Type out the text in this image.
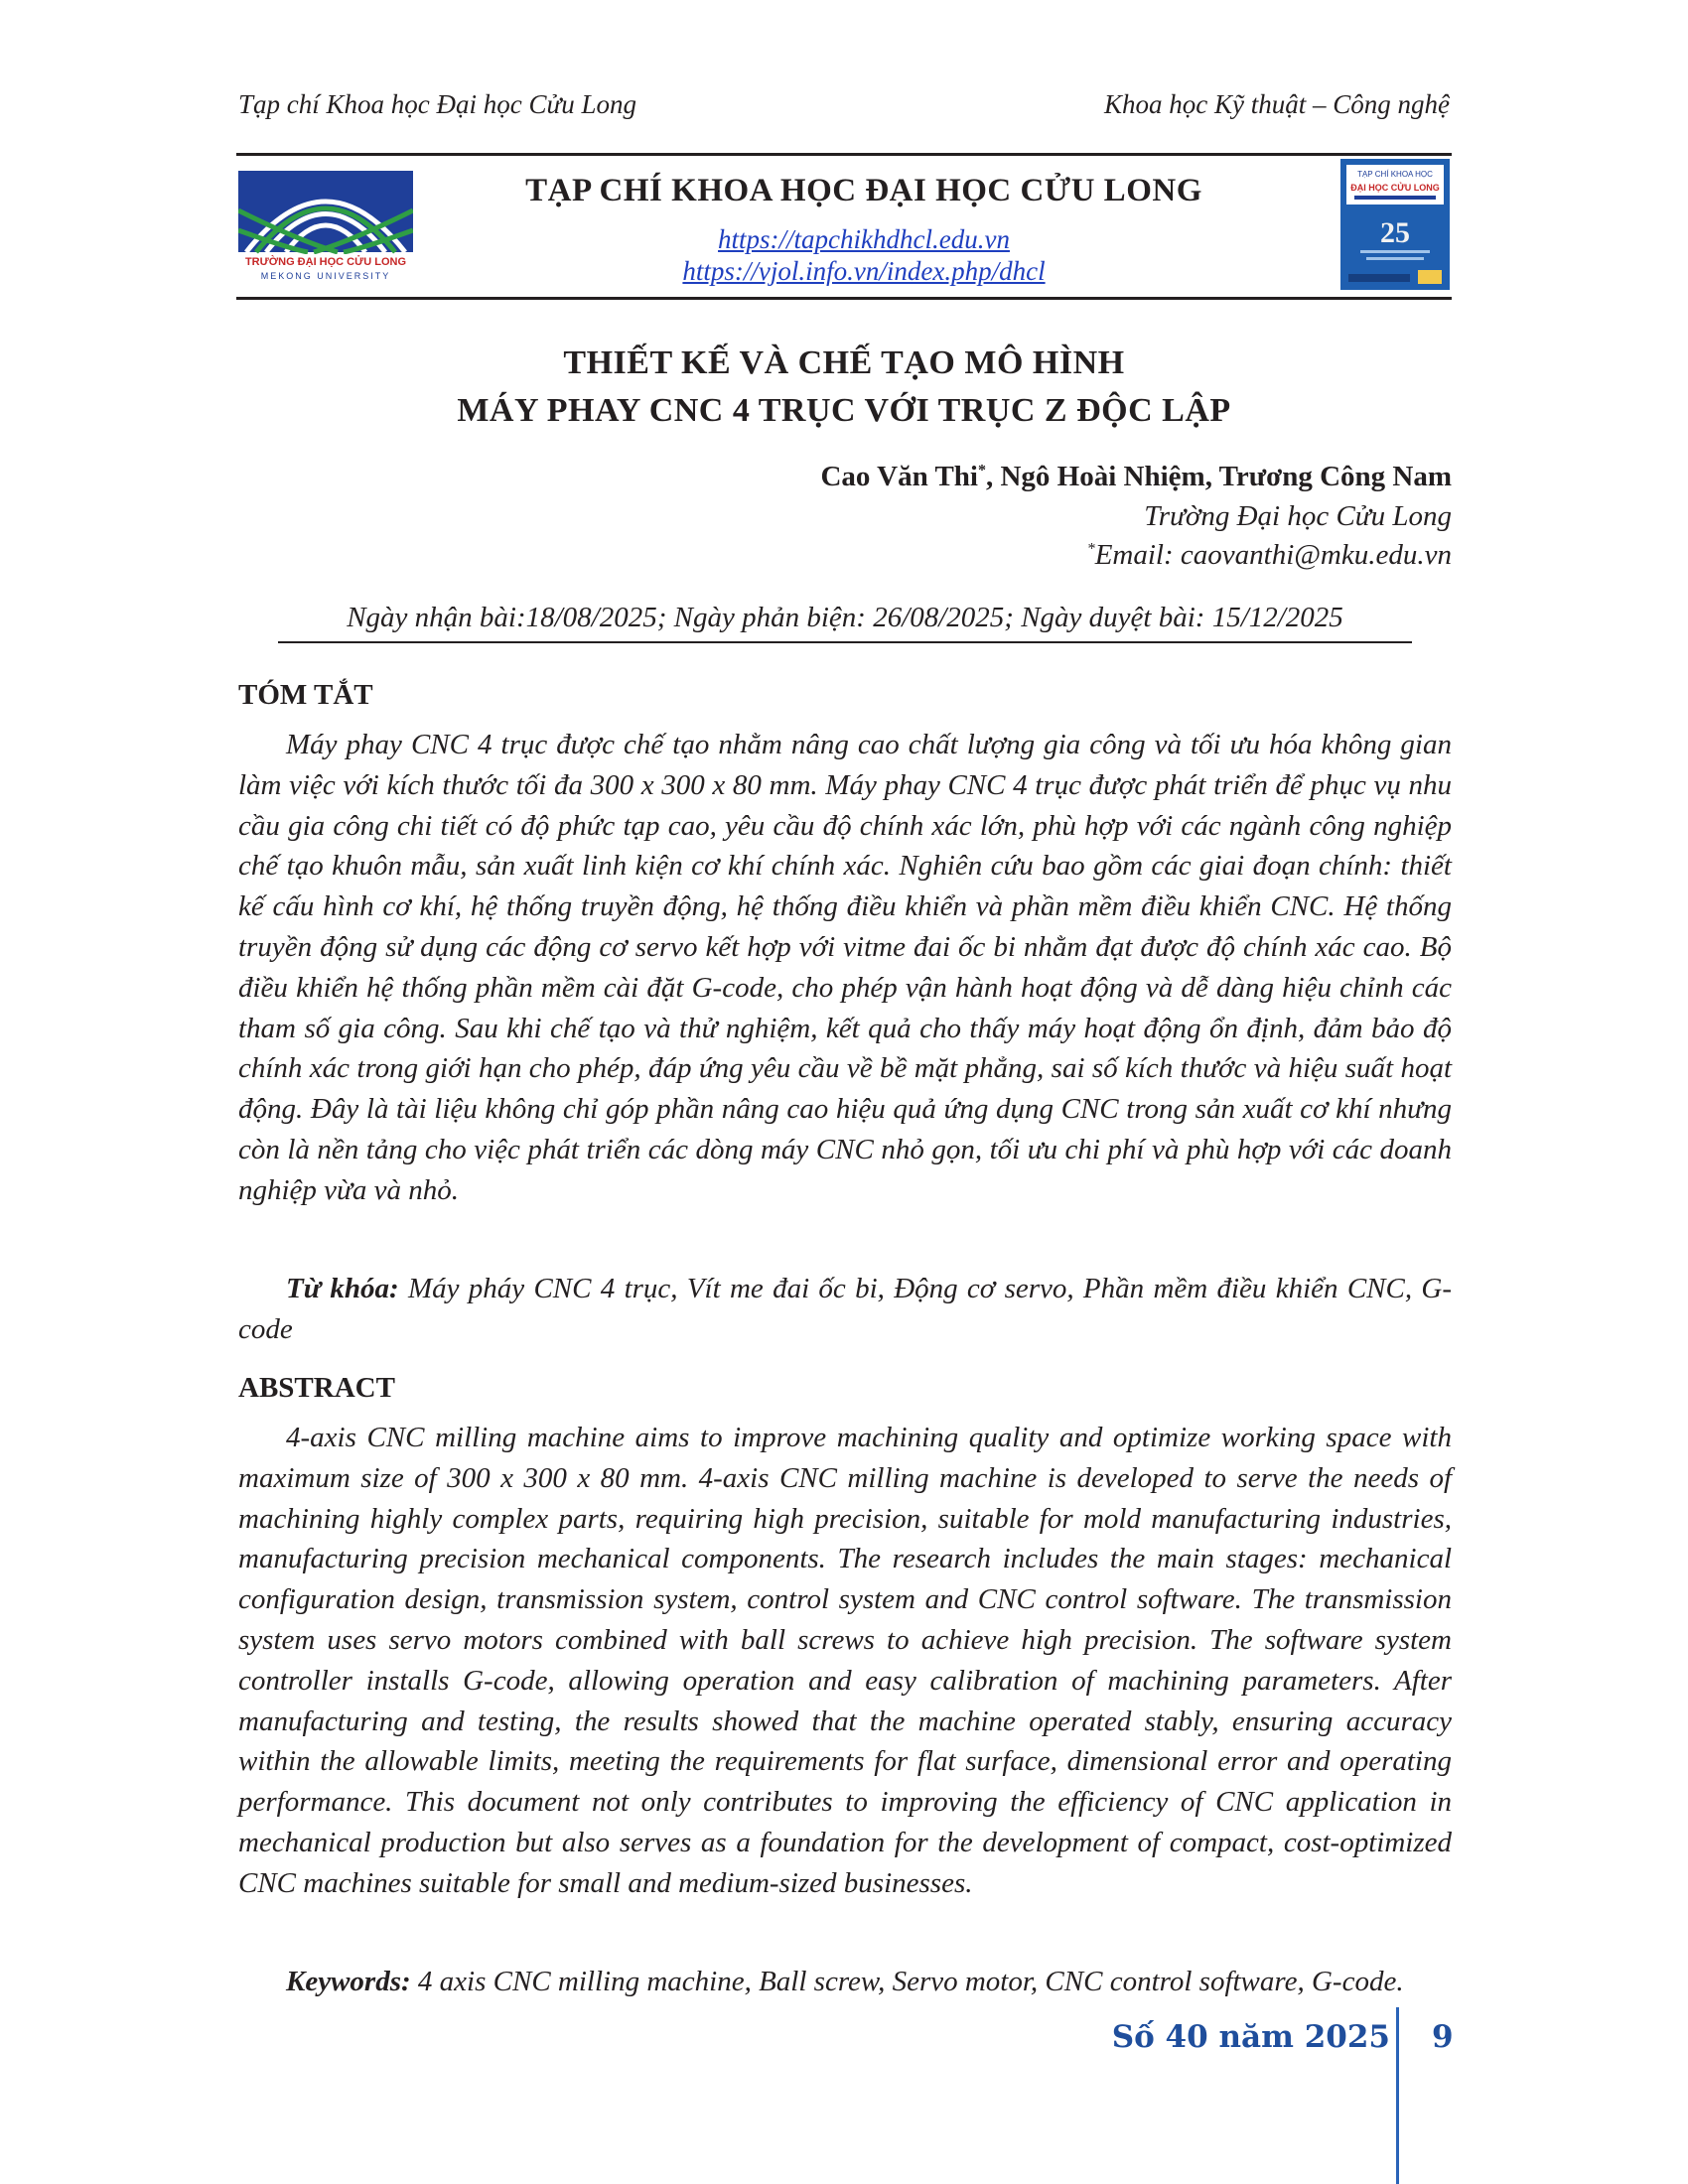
Tạp chí Khoa học Đại học Cửu Long	Khoa học Kỹ thuật – Công nghệ
TRƯỜNG ĐẠI HỌC CỬU LONG
MEKONG UNIVERSITY
TẠP CHÍ KHOA HỌC ĐẠI HỌC CỬU LONG
https://tapchikhdhcl.edu.vn
https://vjol.info.vn/index.php/dhcl
TẠP CHÍ KHOA HỌC
ĐẠI HỌC CỬU LONG
25
THIẾT KẾ VÀ CHẾ TẠO MÔ HÌNH
MÁY PHAY CNC 4 TRỤC VỚI TRỤC Z ĐỘC LẬP
Cao Văn Thi*, Ngô Hoài Nhiệm, Trương Công Nam
Trường Đại học Cửu Long
*Email: caovanthi@mku.edu.vn
Ngày nhận bài:18/08/2025; Ngày phản biện: 26/08/2025; Ngày duyệt bài: 15/12/2025
TÓM TẮT

Máy phay CNC 4 trục được chế tạo nhằm nâng cao chất lượng gia công và tối ưu hóa không gian làm việc với kích thước tối đa 300 x 300 x 80 mm. Máy phay CNC 4 trục được phát triển để phục vụ nhu cầu gia công chi tiết có độ phức tạp cao, yêu cầu độ chính xác lớn, phù hợp với các ngành công nghiệp chế tạo khuôn mẫu, sản xuất linh kiện cơ khí chính xác. Nghiên cứu bao gồm các giai đoạn chính: thiết kế cấu hình cơ khí, hệ thống truyền động, hệ thống điều khiển và phần mềm điều khiển CNC. Hệ thống truyền động sử dụng các động cơ servo kết hợp với vitme đai ốc bi nhằm đạt được độ chính xác cao. Bộ điều khiển hệ thống phần mềm cài đặt G-code, cho phép vận hành hoạt động và dễ dàng hiệu chỉnh các tham số gia công. Sau khi chế tạo và thử nghiệm, kết quả cho thấy máy hoạt động ổn định, đảm bảo độ chính xác trong giới hạn cho phép, đáp ứng yêu cầu về bề mặt phẳng, sai số kích thước và hiệu suất hoạt động. Đây là tài liệu không chỉ góp phần nâng cao hiệu quả ứng dụng CNC trong sản xuất cơ khí nhưng còn là nền tảng cho việc phát triển các dòng máy CNC nhỏ gọn, tối ưu chi phí và phù hợp với các doanh nghiệp vừa và nhỏ.

Từ khóa: Máy pháy CNC 4 trục, Vít me đai ốc bi, Động cơ servo, Phần mềm điều khiển CNC, G-code

ABSTRACT

4-axis CNC milling machine aims to improve machining quality and optimize working space with maximum size of 300 x 300 x 80 mm. 4-axis CNC milling machine is developed to serve the needs of machining highly complex parts, requiring high precision, suitable for mold manufacturing industries, manufacturing precision mechanical components. The research includes the main stages: mechanical configuration design, transmission system, control system and CNC control software. The transmission system uses servo motors combined with ball screws to achieve high precision. The software system controller installs G-code, allowing operation and easy calibration of machining parameters. After manufacturing and testing, the results showed that the machine operated stably, ensuring accuracy within the allowable limits, meeting the requirements for flat surface, dimensional error and operating performance. This document not only contributes to improving the efficiency of CNC application in mechanical production but also serves as a foundation for the development of compact, cost-optimized CNC machines suitable for small and medium-sized businesses.

Keywords: 4 axis CNC milling machine, Ball screw, Servo motor, CNC control software, G-code.

Số 40 năm 2025 9
